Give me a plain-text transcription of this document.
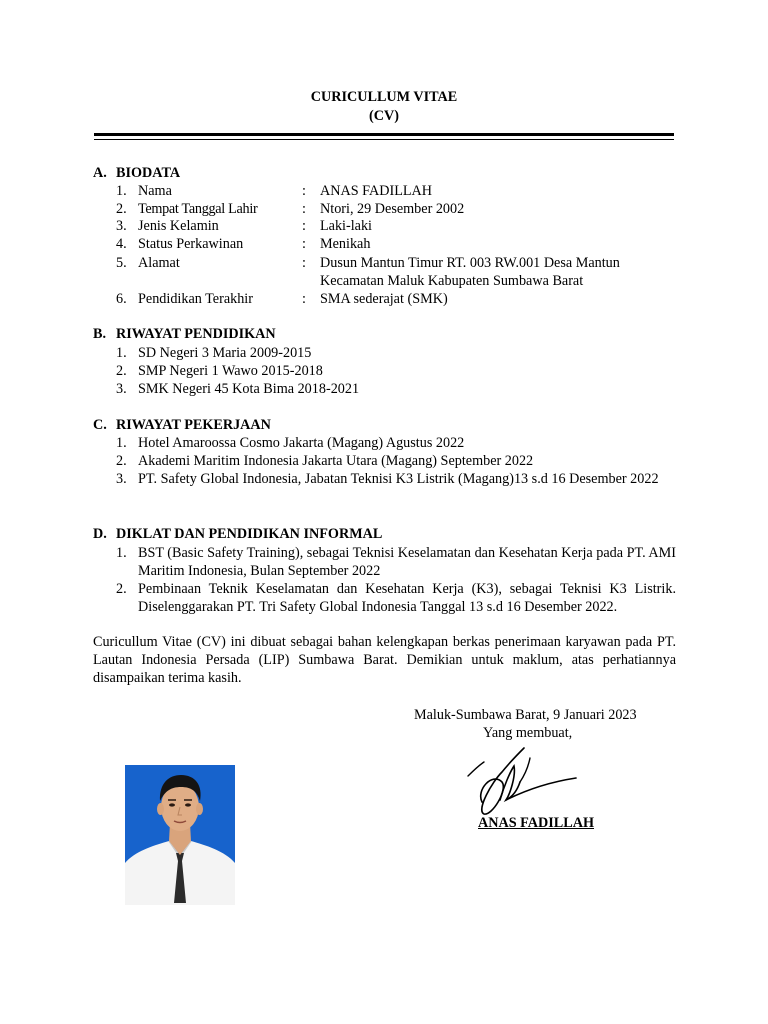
CURICULLUM VITAE
(CV)
A. BIODATA
1. Nama	: ANAS FADILLAH
2. Tempat Tanggal Lahir	: Ntori, 29 Desember 2002
3. Jenis Kelamin	: Laki-laki
4. Status Perkawinan	: Menikah
5. Alamat	: Dusun Mantun Timur RT. 003 RW.001 Desa Mantun
Kecamatan Maluk Kabupaten Sumbawa Barat
6. Pendidikan Terakhir	: SMA sederajat (SMK)
B. RIWAYAT PENDIDIKAN
1. SD Negeri 3 Maria 2009-2015
2. SMP Negeri 1 Wawo 2015-2018
3. SMK Negeri 45 Kota Bima 2018-2021
C. RIWAYAT PEKERJAAN
1. Hotel Amaroossa Cosmo Jakarta (Magang) Agustus 2022
2. Akademi Maritim Indonesia Jakarta Utara (Magang) September 2022
3. PT. Safety Global Indonesia, Jabatan Teknisi K3 Listrik (Magang)13 s.d 16 Desember 2022
D. DIKLAT DAN PENDIDIKAN INFORMAL
1. BST (Basic Safety Training), sebagai Teknisi Keselamatan dan Kesehatan Kerja pada PT. AMI Maritim Indonesia, Bulan September 2022
2. Pembinaan Teknik Keselamatan dan Kesehatan Kerja (K3), sebagai Teknisi K3 Listrik. Diselenggarakan PT. Tri Safety Global Indonesia Tanggal 13 s.d 16 Desember 2022.
Curicullum Vitae (CV) ini dibuat sebagai bahan kelengkapan berkas penerimaan karyawan pada PT. Lautan Indonesia Persada (LIP) Sumbawa Barat. Demikian untuk maklum, atas perhatiannya disampaikan terima kasih.
Maluk-Sumbawa Barat, 9 Januari 2023
Yang membuat,
ANAS FADILLAH
